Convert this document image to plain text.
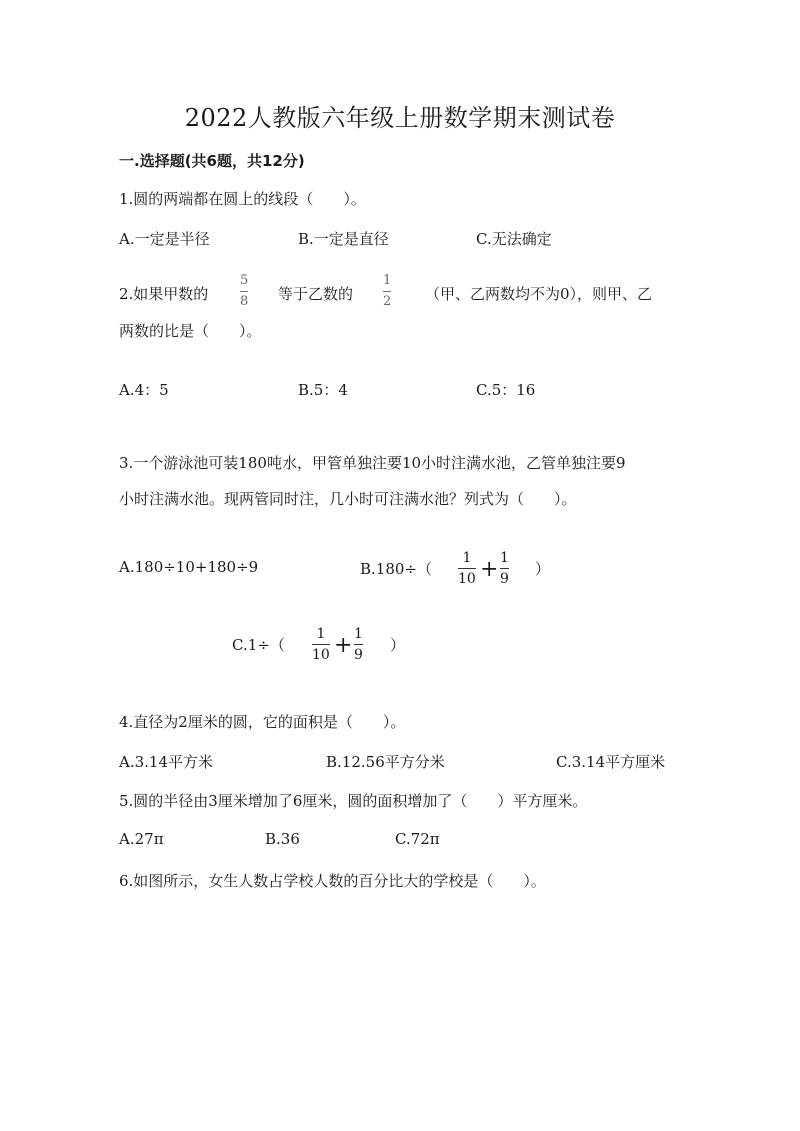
2022人教版六年级上册数学期末测试卷
一.选择题(共6题，共12分)
1.圆的两端都在圆上的线段（　　）。
A.一定是半径	B.一定是直径	C.无法确定
2.如果甲数的
5
8 等于乙数的
1
2 （甲、乙两数均不为0），则甲、乙
两数的比是（　　）。
A.4：5	B.5：4	C.5：16
3.一个游泳池可装180吨水，甲管单独注要10小时注满水池，乙管单独注要9
小时注满水池。现两管同时注，几小时可注满水池？列式为（　　）。
A.180÷10+180÷9	B.180÷（
1
10 + 1
9
）
C.1÷（
1
10 + 1
9
）
4.直径为2厘米的圆，它的面积是（　　）。
A.3.14平方米	B.12.56平方分米	C.3.14平方厘米
5.圆的半径由3厘米增加了6厘米，圆的面积增加了（　　）平方厘米。
A.27π	B.36	C.72π
6.如图所示，女生人数占学校人数的百分比大的学校是（　　）。
